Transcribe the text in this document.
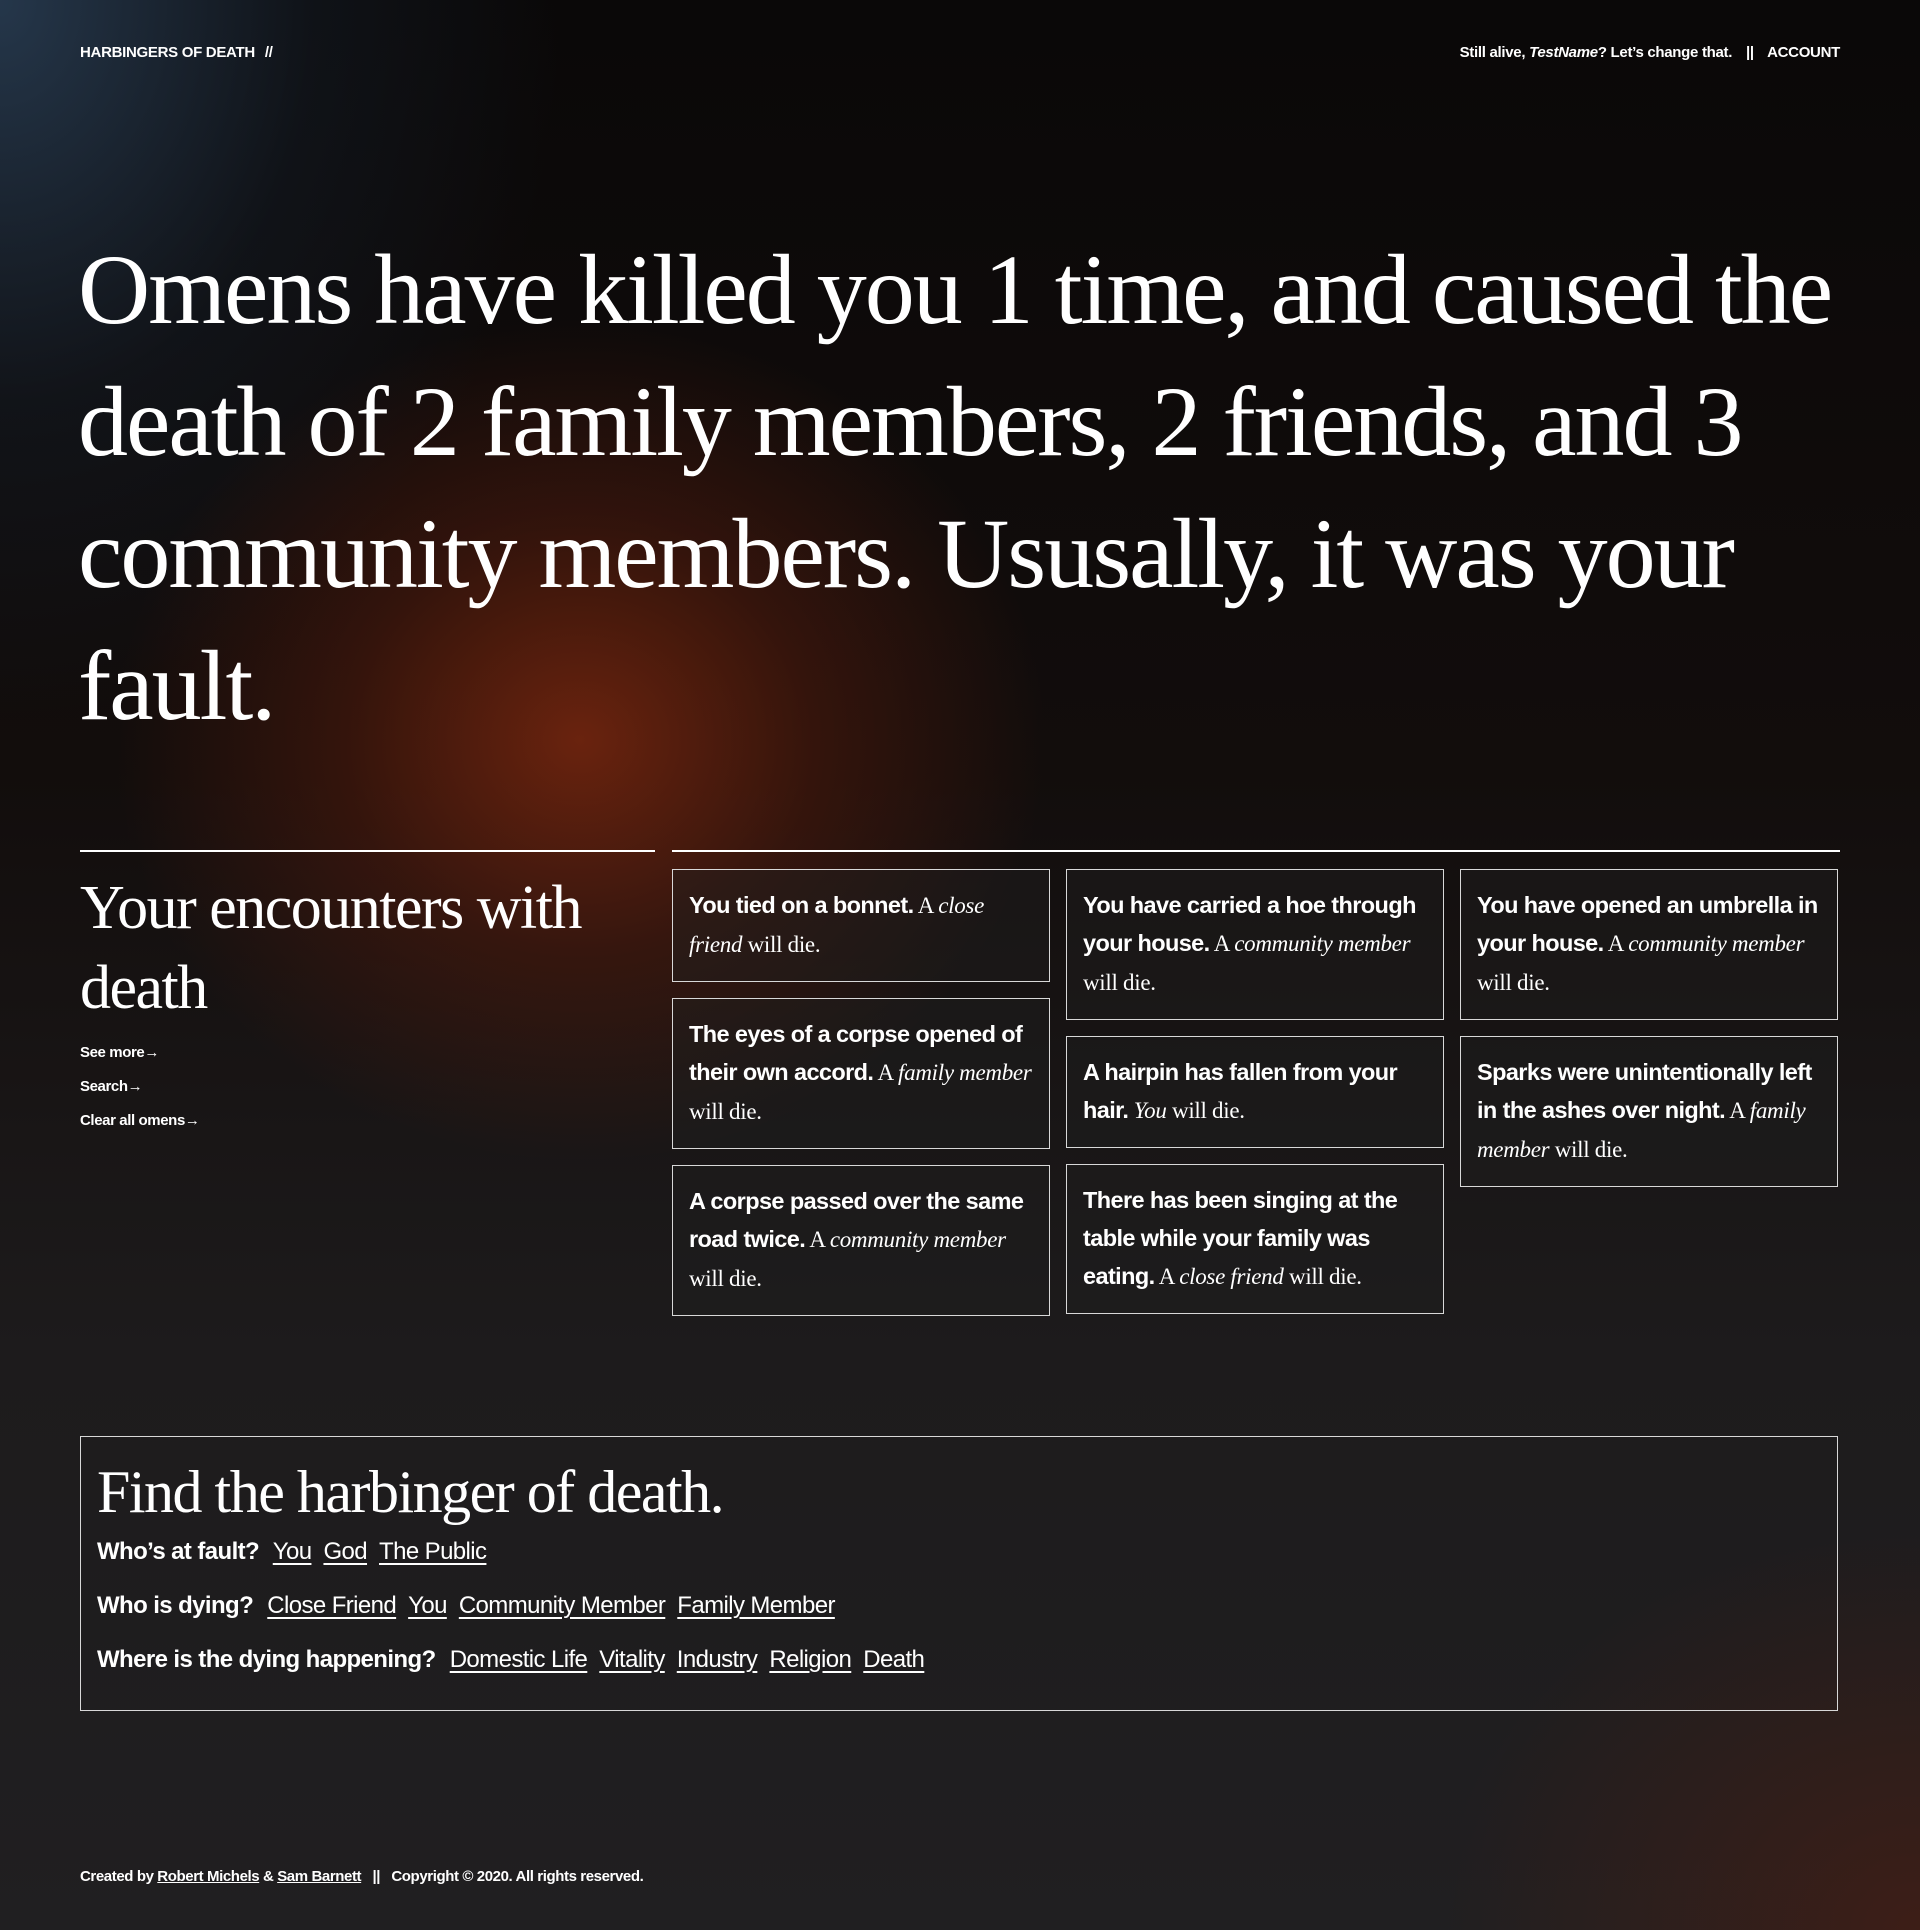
HARBINGERS OF DEATH //	Still alive, TestName? Let’s change that. || ACCOUNT
Omens have killed you 1 time, and caused the death of 2 family members, 2 friends, and 3 community members. Ususally, it was your fault.
Your encounters with death
See more→
Search→
Clear all omens→
You tied on a bonnet. A close friend will die.
The eyes of a corpse opened of their own accord. A family member will die.
A corpse passed over the same road twice. A community member will die.
You have carried a hoe through your house. A community member will die.
A hairpin has fallen from your hair. You will die.
There has been singing at the table while your family was eating. A close friend will die.
You have opened an umbrella in your house. A community member will die.
Sparks were unintentionally left in the ashes over night. A family member will die.
Find the harbinger of death.
Who’s at fault? You God The Public
Who is dying? Close Friend You Community Member Family Member
Where is the dying happening? Domestic Life Vitality Industry Religion Death
Created by Robert Michels & Sam Barnett   ||   Copyright © 2020. All rights reserved.
